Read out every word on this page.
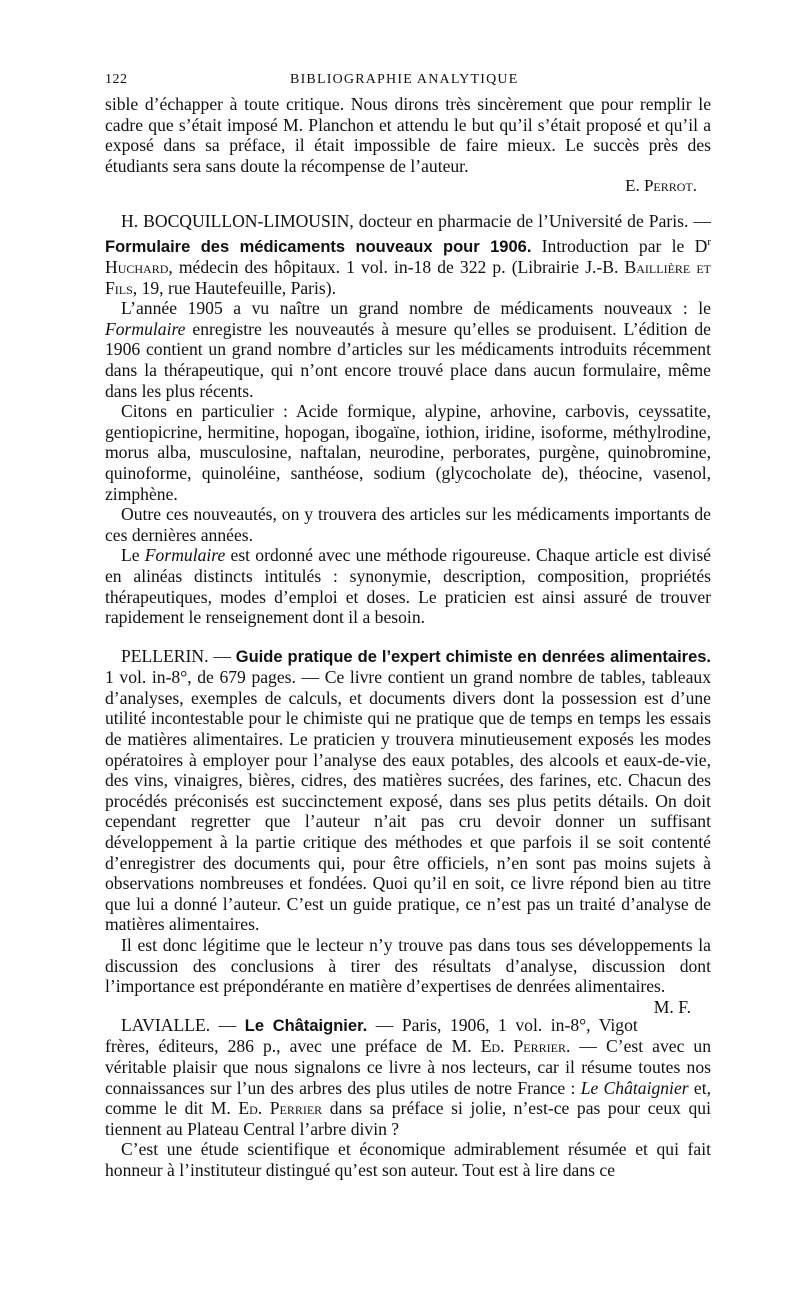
122	BIBLIOGRAPHIE ANALYTIQUE

sible d’échapper à toute critique. Nous dirons très sincèrement que pour remplir le cadre que s’était imposé M. Planchon et attendu le but qu’il s’était proposé et qu’il a exposé dans sa préface, il était impossible de faire mieux. Le succès près des étudiants sera sans doute la récompense de l’auteur.

E. Perrot.

H. BOCQUILLON-LIMOUSIN, docteur en pharmacie de l’Université de Paris. — Formulaire des médicaments nouveaux pour 1906. Introduction par le $D^r$ Huchard, médecin des hôpitaux. 1 vol. in-18 de 322 p. (Librairie J.-B. Baillière et Fils, 19, rue Hautefeuille, Paris).

L’année 1905 a vu naître un grand nombre de médicaments nouveaux : le Formulaire enregistre les nouveautés à mesure qu’elles se produisent. L’édition de 1906 contient un grand nombre d’articles sur les médicaments introduits récemment dans la thérapeutique, qui n’ont encore trouvé place dans aucun formulaire, même dans les plus récents.

Citons en particulier : Acide formique, alypine, arhovine, carbovis, ceyssatite, gentiopicrine, hermitine, hopogan, ibogaïne, iothion, iridine, isoforme, méthylrodine, morus alba, musculosine, naftalan, neurodine, perborates, purgène, quinobromine, quinoforme, quinoléine, santhéose, sodium (glycocholate de), théocine, vasenol, zimphène.

Outre ces nouveautés, on y trouvera des articles sur les médicaments importants de ces dernières années.

Le Formulaire est ordonné avec une méthode rigoureuse. Chaque article est divisé en alinéas distincts intitulés : synonymie, description, composition, propriétés thérapeutiques, modes d’emploi et doses. Le praticien est ainsi assuré de trouver rapidement le renseignement dont il a besoin.

PELLERIN. — Guide pratique de l’expert chimiste en denrées alimentaires. 1 vol. in-8°, de 679 pages. — Ce livre contient un grand nombre de tables, tableaux d’analyses, exemples de calculs, et documents divers dont la possession est d’une utilité incontestable pour le chimiste qui ne pratique que de temps en temps les essais de matières alimentaires. Le praticien y trouvera minutieusement exposés les modes opératoires à employer pour l’analyse des eaux potables, des alcools et eaux-de-vie, des vins, vinaigres, bières, cidres, des matières sucrées, des farines, etc. Chacun des procédés préconisés est succinctement exposé, dans ses plus petits détails. On doit cependant regretter que l’auteur n’ait pas cru devoir donner un suffisant développement à la partie critique des méthodes et que parfois il se soit contenté d’enregistrer des documents qui, pour être officiels, n’en sont pas moins sujets à observations nombreuses et fondées. Quoi qu’il en soit, ce livre répond bien au titre que lui a donné l’auteur. C’est un guide pratique, ce n’est pas un traité d’analyse de matières alimentaires.

Il est donc légitime que le lecteur n’y trouve pas dans tous ses développements la discussion des conclusions à tirer des résultats d’analyse, discussion dont l’importance est prépondérante en matière d’expertises de denrées alimentaires.
M. F.

LAVIALLE. — Le Châtaignier. — Paris, 1906, 1 vol. in-8°, Vigot frères, éditeurs, 286 p., avec une préface de M. Ed. Perrier. — C’est avec un véritable plaisir que nous signalons ce livre à nos lecteurs, car il résume toutes nos connaissances sur l’un des arbres des plus utiles de notre France : Le Châtaignier et, comme le dit M. Ed. Perrier dans sa préface si jolie, n’est-ce pas pour ceux qui tiennent au Plateau Central l’arbre divin ?

C’est une étude scientifique et économique admirablement résumée et qui fait honneur à l’instituteur distingué qu’est son auteur. Tout est à lire dans ce
